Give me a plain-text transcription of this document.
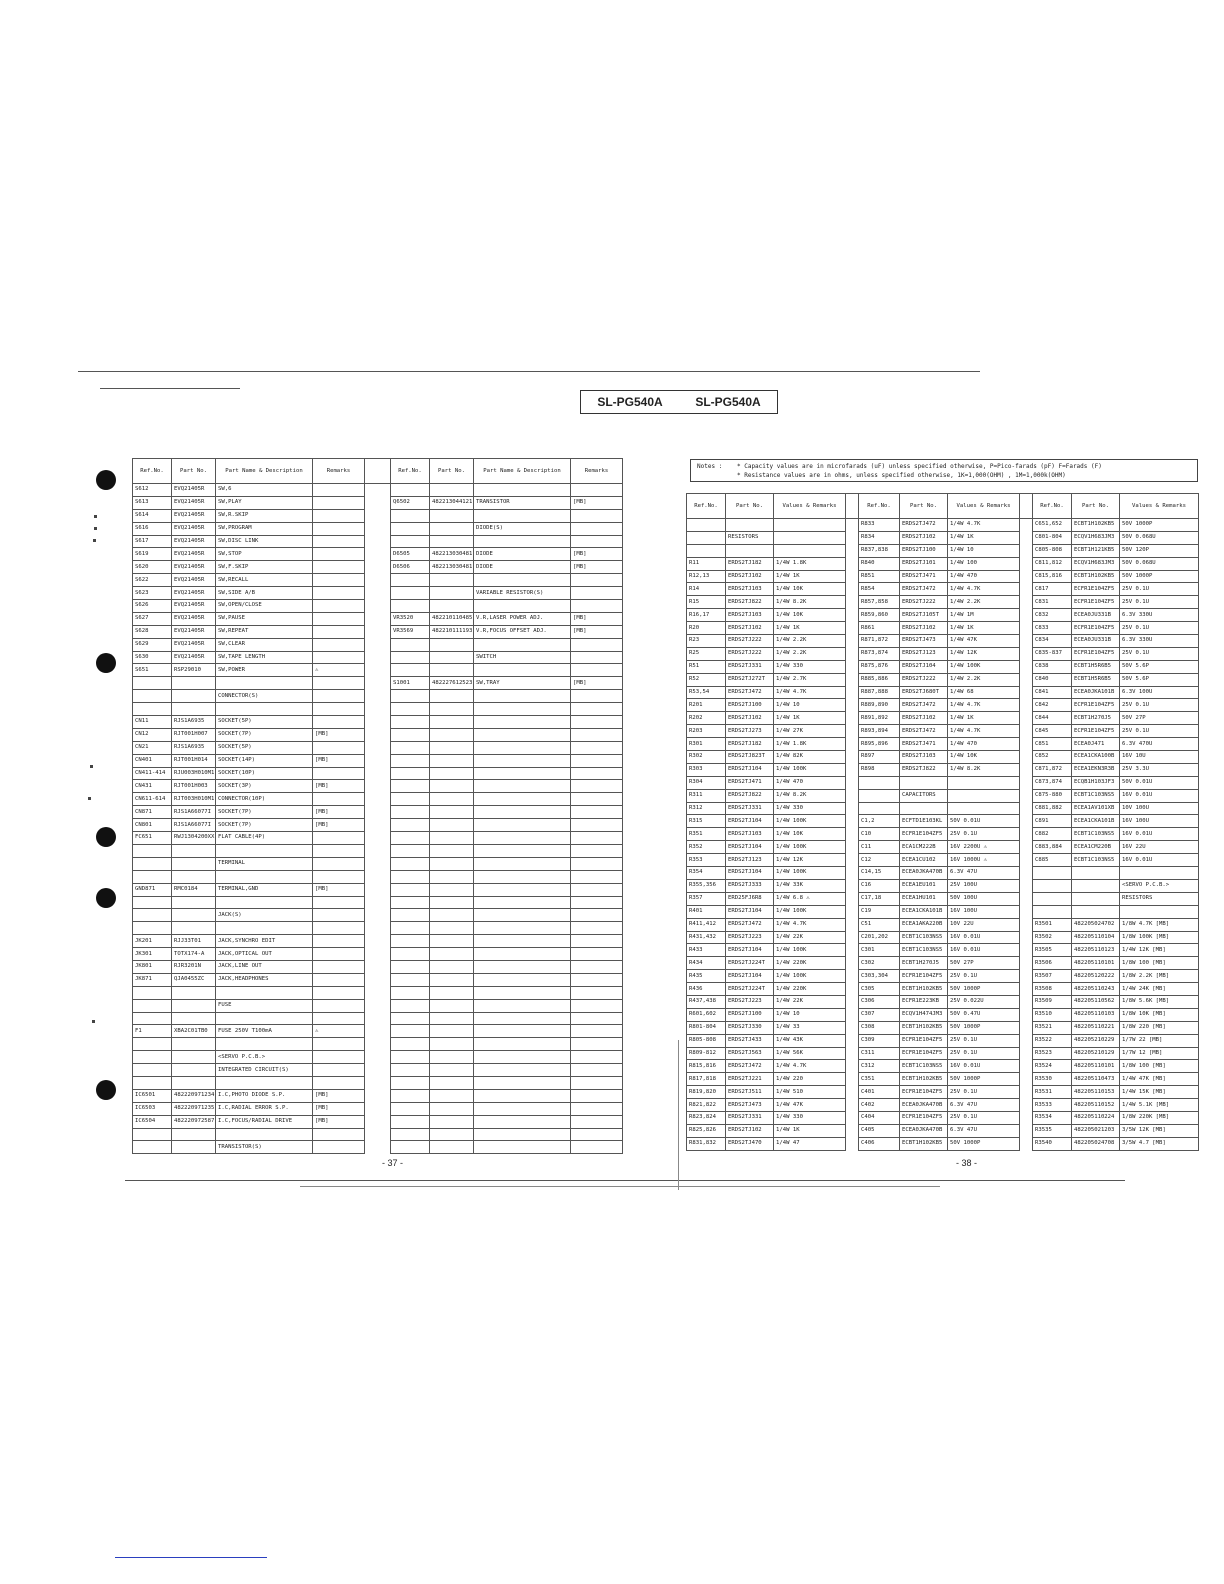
SL-PG540A	SL-PG540A
Notes : * Capacity values are in microfarads (uF) unless specified otherwise, P=Pico-farads (pF) F=Farads (F)
* Resistance values are in ohms, unless specified otherwise, 1K=1,000(OHM) , 1M=1,000k(OHM)
Ref.No.	Part No.	Part Name & Description	Remarks		Ref.No.	Part No.	Part Name & Description	Remarks
S612	EVQ21405R	SW,6						
S613	EVQ21405R	SW,PLAY			Q6502	482213044121	TRANSISTOR	[MB]
S614	EVQ21405R	SW,R.SKIP						
S616	EVQ21405R	SW,PROGRAM					DIODE(S)	
S617	EVQ21405R	SW,DISC LINK						
S619	EVQ21405R	SW,STOP			D6505	482213030481	DIODE	[MB]
S620	EVQ21405R	SW,F.SKIP			D6506	482213030481	DIODE	[MB]
S622	EVQ21405R	SW,RECALL						
S623	EVQ21405R	SW,SIDE A/B					VARIABLE RESISTOR(S)	
S626	EVQ21405R	SW,OPEN/CLOSE						
S627	EVQ21405R	SW,PAUSE			VR3520	482210110485	V.R,LASER POWER ADJ.	[MB]
S628	EVQ21405R	SW,REPEAT			VR3569	482210111193	V.R,FOCUS OFFSET ADJ.	[MB]
S629	EVQ21405R	SW,CLEAR						
S630	EVQ21405R	SW,TAPE LENGTH					SWITCH	
S651	RSP29010	SW,POWER	⚠					
					S1001	482227612523	SW,TRAY	[MB]
		CONNECTOR(S)						

CN11	RJS1A6935	SOCKET(5P)						
CN12	RJT001H007	SOCKET(7P)	[MB]					
CN21	RJS1A6935	SOCKET(5P)						
CN401	RJT001H014	SOCKET(14P)	[MB]					
CN411-414	RJU003H010M1	SOCKET(10P)						
CN431	RJT001H003	SOCKET(3P)	[MB]					
CN611-614	RJT003H010M1	CONNECTOR(10P)						
CN871	RJS1A66077I	SOCKET(7P)	[MB]					
CN801	RJS1A66077I	SOCKET(7P)	[MB]					
FC651	RWJ1304200XX	FLAT CABLE(4P)						

		TERMINAL						

GND871	RMC0184	TERMINAL,GND	[MB]					

		JACK(S)						

JK201	RJJ33T01	JACK,SYNCHRO EDIT						
JK301	TOTX174-A	JACK,OPTICAL OUT						
JK801	RJR3201N	JACK,LINE OUT						
JK871	QJA0455ZC	JACK,HEADPHONES						

		FUSE						

F1	XBA2C01TB0	FUSE 250V T100mA	⚠					

		<SERVO P.C.B.>						
		INTEGRATED CIRCUIT(S)						

IC6501	482220971234	I.C,PHOTO DIODE S.P.	[MB]					
IC6503	482220971235	I.C,RADIAL ERROR S.P.	[MB]					
IC6504	482220972587	I.C,FOCUS/RADIAL DRIVE	[MB]					

		TRANSISTOR(S)						
Ref.No.	Part No.	Values & Remarks		Ref.No.	Part No.	Values & Remarks		Ref.No.	Part No.	Values & Remarks
				R833	ERDS2TJ472	1/4W 4.7K		C651,652	ECBT1H102KB5	50V 1000P
	RESISTORS			R834	ERDS2TJ102	1/4W 1K		C801-804	ECQV1H683JM3	50V 0.068U
				R837,838	ERDS2TJ100	1/4W 10		C805-808	ECBT1H121KB5	50V 120P
R11	ERDS2TJ182	1/4W 1.8K		R840	ERDS2TJ101	1/4W 100		C811,812	ECQV1H683JM3	50V 0.068U
R12,13	ERDS2TJ102	1/4W 1K		R851	ERDS2TJ471	1/4W 470		C815,816	ECBT1H102KB5	50V 1000P
R14	ERDS2TJ103	1/4W 10K		R854	ERDS2TJ472	1/4W 4.7K		C817	ECFR1E104ZF5	25V 0.1U
R15	ERDS2TJ822	1/4W 8.2K		R857,858	ERDS2TJ222	1/4W 2.2K		C831	ECFR1E104ZF5	25V 0.1U
R16,17	ERDS2TJ103	1/4W 10K		R859,860	ERDS2TJ105T	1/4W 1M		C832	ECEA0JU331B	6.3V 330U
R20	ERDS2TJ102	1/4W 1K		R861	ERDS2TJ102	1/4W 1K		C833	ECFR1E104ZF5	25V 0.1U
R23	ERDS2TJ222	1/4W 2.2K		R871,872	ERDS2TJ473	1/4W 47K		C834	ECEA0JU331B	6.3V 330U
R25	ERDS2TJ222	1/4W 2.2K		R873,874	ERDS2TJ123	1/4W 12K		C835-837	ECFR1E104ZF5	25V 0.1U
R51	ERDS2TJ331	1/4W 330		R875,876	ERDS2TJ104	1/4W 100K		C838	ECBT1H5R6B5	50V 5.6P
R52	ERDS2TJ272T	1/4W 2.7K		R885,886	ERDS2TJ222	1/4W 2.2K		C840	ECBT1H5R6B5	50V 5.6P
R53,54	ERDS2TJ472	1/4W 4.7K		R887,888	ERDS2TJ680T	1/4W 68		C841	ECEA0JKA101B	6.3V 100U
R201	ERDS2TJ100	1/4W 10		R889,890	ERDS2TJ472	1/4W 4.7K		C842	ECFR1E104ZF5	25V 0.1U
R202	ERDS2TJ102	1/4W 1K		R891,892	ERDS2TJ102	1/4W 1K		C844	ECBT1H270J5	50V 27P
R203	ERDS2TJ273	1/4W 27K		R893,894	ERDS2TJ472	1/4W 4.7K		C845	ECFR1E104ZF5	25V 0.1U
R301	ERDS2TJ182	1/4W 1.8K		R895,896	ERDS2TJ471	1/4W 470		C851	ECEA0J471	6.3V 470U
R302	ERDS2TJ823T	1/4W 82K		R897	ERDS2TJ103	1/4W 10K		C852	ECEA1CKA100B	16V 10U
R303	ERDS2TJ104	1/4W 100K		R898	ERDS2TJ822	1/4W 8.2K		C871,872	ECEA1EKN3R3B	25V 3.3U
R304	ERDS2TJ471	1/4W 470						C873,874	ECQB1H103JF3	50V 0.01U
R311	ERDS2TJ822	1/4W 8.2K			CAPACITORS			C875-880	ECBT1C103NS5	16V 0.01U
R312	ERDS2TJ331	1/4W 330						C881,882	ECEA1AV101XB	10V 100U
R315	ERDS2TJ104	1/4W 100K		C1,2	ECFTD1E103KL	50V 0.01U		C891	ECEA1CKA101B	16V 100U
R351	ERDS2TJ103	1/4W 10K		C10	ECFR1E104ZF5	25V 0.1U		C882	ECBT1C103NS5	16V 0.01U
R352	ERDS2TJ104	1/4W 100K		C11	ECA1CM222B	16V 2200U ⚠		C883,884	ECEA1CM220B	16V 22U
R353	ERDS2TJ123	1/4W 12K		C12	ECEA1CU102	16V 1000U ⚠		C885	ECBT1C103NS5	16V 0.01U
R354	ERDS2TJ104	1/4W 100K		C14,15	ECEA0JKA470B	6.3V 47U				
R355,356	ERDS2TJ333	1/4W 33K		C16	ECEA1EU101	25V 100U				<SERVO P.C.B.>
R357	ERD25FJ6R8	1/4W 6.8 ⚠		C17,18	ECEA1HU101	50V 100U				RESISTORS
R401	ERDS2TJ104	1/4W 100K		C19	ECEA1CKA101B	16V 100U				
R411,412	ERDS2TJ472	1/4W 4.7K		C51	ECEA1AKA220B	10V 22U		R3501	482205024702	1/8W 4.7K [MB]
R431,432	ERDS2TJ223	1/4W 22K		C201,202	ECBT1C103NS5	16V 0.01U		R3502	482205110104	1/8W 100K [MB]
R433	ERDS2TJ104	1/4W 100K		C301	ECBT1C103NS5	16V 0.01U		R3505	482205110123	1/4W 12K [MB]
R434	ERDS2TJ224T	1/4W 220K		C302	ECBT1H270J5	50V 27P		R3506	482205110101	1/8W 100 [MB]
R435	ERDS2TJ104	1/4W 100K		C303,304	ECFR1E104ZF5	25V 0.1U		R3507	482205120222	1/8W 2.2K [MB]
R436	ERDS2TJ224T	1/4W 220K		C305	ECBT1H102KB5	50V 1000P		R3508	482205110243	1/4W 24K [MB]
R437,438	ERDS2TJ223	1/4W 22K		C306	ECFR1E223KB	25V 0.022U		R3509	482205110562	1/8W 5.6K [MB]
R601,602	ERDS2TJ100	1/4W 10		C307	ECQV1H474JM3	50V 0.47U		R3510	482205110103	1/8W 10K [MB]
R801-804	ERDS2TJ330	1/4W 33		C308	ECBT1H102KB5	50V 1000P		R3521	482205110221	1/8W 220 [MB]
R805-808	ERDS2TJ433	1/4W 43K		C309	ECFR1E104ZF5	25V 0.1U		R3522	482205210229	1/7W 22 [MB]
R809-812	ERDS2TJ563	1/4W 56K		C311	ECFR1E104ZF5	25V 0.1U		R3523	482205210129	1/7W 12 [MB]
R815,816	ERDS2TJ472	1/4W 4.7K		C312	ECBT1C103NS5	16V 0.01U		R3524	482205110101	1/8W 100 [MB]
R817,818	ERDS2TJ221	1/4W 220		C351	ECBT1H102KB5	50V 1000P		R3530	482205110473	1/4W 47K [MB]
R819,820	ERDS2TJ511	1/4W 510		C401	ECFR1E104ZF5	25V 0.1U		R3531	482205110153	1/4W 15K [MB]
R821,822	ERDS2TJ473	1/4W 47K		C402	ECEA0JKA470B	6.3V 47U		R3533	482205110152	1/4W 5.1K [MB]
R823,824	ERDS2TJ331	1/4W 330		C404	ECFR1E104ZF5	25V 0.1U		R3534	482205110224	1/8W 220K [MB]
R825,826	ERDS2TJ102	1/4W 1K		C405	ECEA0JKA470B	6.3V 47U		R3535	482205021203	3/5W 12K [MB]
R831,832	ERDS2TJ470	1/4W 47		C406	ECBT1H102KB5	50V 1000P		R3540	482205024708	3/5W 4.7 [MB]
- 37 -	- 38 -
